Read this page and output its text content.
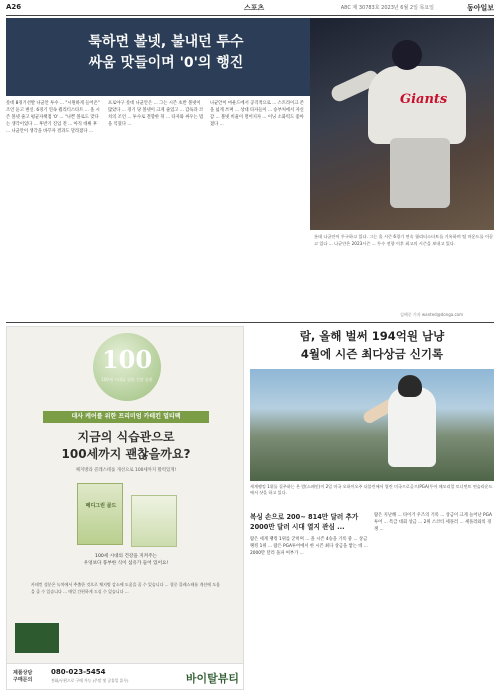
A26	스포츠	A8C 제 30783호 2023년 6월 2일 목요일	동아일보
툭하면 볼넷, 불내던 투수
싸움 맛들이며 '0'의 행진
Giants
롯데 8경기선발 나균안 투수 ... "시원하게 들어온" 조언 듣고 변신. 6경기 연속 퀄리티스타트 ... 올 시즌 볼넷 줄고 평균자책점 '0' ... "나쁜 볼로도 맞다는 생각이었다 ... 후반기 진입 전 ... 아직 데뷔 후 ... 나균안이 생각을 바꾸자 결과도 달라졌다 ...
프로야구 롯데 나균안은 ... 그는 시즌 초반 볼넷이 많았다 ... 경기 당 볼넷이 크게 줄었고 ... 감독과 코치의 조언 ... 투수로 전향한 뒤 ... 타자와 싸우는 법을 익혔다 ...
나균안이 마운드에서 공격적으로 ... 스트라이크 존을 넓게 쓰며 ... 상대 타자들이 ... 승부처에서 자신감 ... 볼넷 비율이 떨어지자 ... 이닝 소화력도 좋아졌다 ...
롯데 나균안이 투구하고 있다. 그는 올 시즌 6경기 연속 퀄리티스타트를 기록하며 팀 마운드를 이끌고 있다 ... 나균안은 2023시즌 ... 투수 전향 이후 최고의 시즌을 보내고 있다.
김배중 기자 wanted@donga.com
100
100세 시대를 위한 건강 습관
대사 케어를 위한 프리미엄 카테킨 멀티팩
지금의 식습관으로
100세까지 괜찮을까요?
체지방과 콜레스테롤 개선으로 100세까지 활력있게!
메디그린 골드
100세 시대의 건강을 지켜주는
우엉보다 풍부한 식이 섬유가 들어 있어요!
카테킨 성분은 녹차에서 추출한 것으로 체지방 감소에 도움을 줄 수 있습니다 ... 혈중 콜레스테롤 개선에 도움을 줄 수 있습니다 ... 매일 간편하게 드실 수 있습니다 ...
제품상담
구매문의
080-023-5454
전화/우편으로 구매 가능 (주말 및 공휴일 휴무)	바이탈뷰티
람, 올해 벌써 194억원 남냥
4월에 시즌 최다상금 신기록
세계랭킹 1위를 질주하는 욘 람(스페인)이 2일 미국 오하이오주 더블린에서 열린 미국프로골프(PGA)투어 메모리얼 토너먼트 연습라운드에서 샷을 하고 있다.
복싱 손으로 200~ 814만 달러 추가
2000만 달러 시대 열지 관심 ...
람은 세계 랭킹 1위를 굳히며 ... 올 시즌 4승을 기록 중 ... 상금 랭킹 1위 ... 람은 PGA투어에서 한 시즌 최다 상금을 쌓는 데 ... 2000만 달러 돌파 여부가 ...
람은 지난해 ... 타이거 우즈의 기록 ... 상금이 크게 늘어난 PGA투어 ... 특급 대회 상금 ... 2위 스코티 셰플러 ... 셰플러와의 경쟁 ...
